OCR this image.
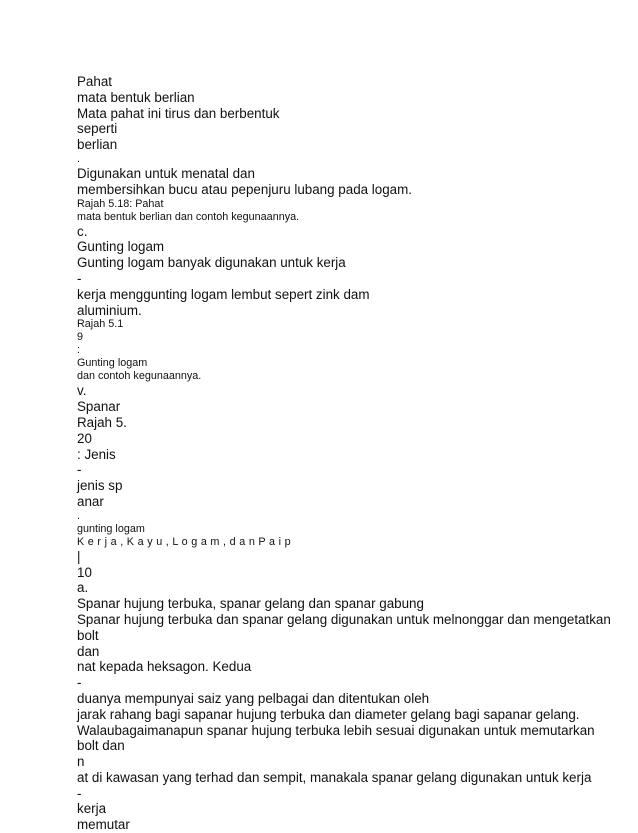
Pahat
mata bentuk berlian
Mata pahat ini tirus dan berbentuk
seperti
berlian
.
Digunakan untuk menatal dan
membersihkan bucu atau pepenjuru lubang pada logam.
Rajah 5.18: Pahat
mata bentuk berlian dan contoh kegunaannya.
c.
Gunting logam
Gunting logam banyak digunakan untuk kerja
-
kerja menggunting logam lembut sepert zink dam
aluminium.
Rajah 5.1
9
:
Gunting logam
dan contoh kegunaannya.
v.
Spanar
Rajah 5.
20
: Jenis
-
jenis sp
anar
.
gunting logam
K e r j a , K a y u , L o g a m , d a n P a i p
|
10
a.
Spanar hujung terbuka, spanar gelang dan spanar gabung
Spanar hujung terbuka dan spanar gelang digunakan untuk melnonggar dan mengetatkan
bolt
dan
nat kepada heksagon. Kedua
-
duanya mempunyai saiz yang pelbagai dan ditentukan oleh
jarak rahang bagi sapanar hujung terbuka dan diameter gelang bagi sapanar gelang.
Walaubagaimanapun spanar hujung terbuka lebih sesuai digunakan untuk memutarkan
bolt dan
n
at di kawasan yang terhad dan sempit, manakala spanar gelang digunakan untuk kerja
-
kerja
memutar
